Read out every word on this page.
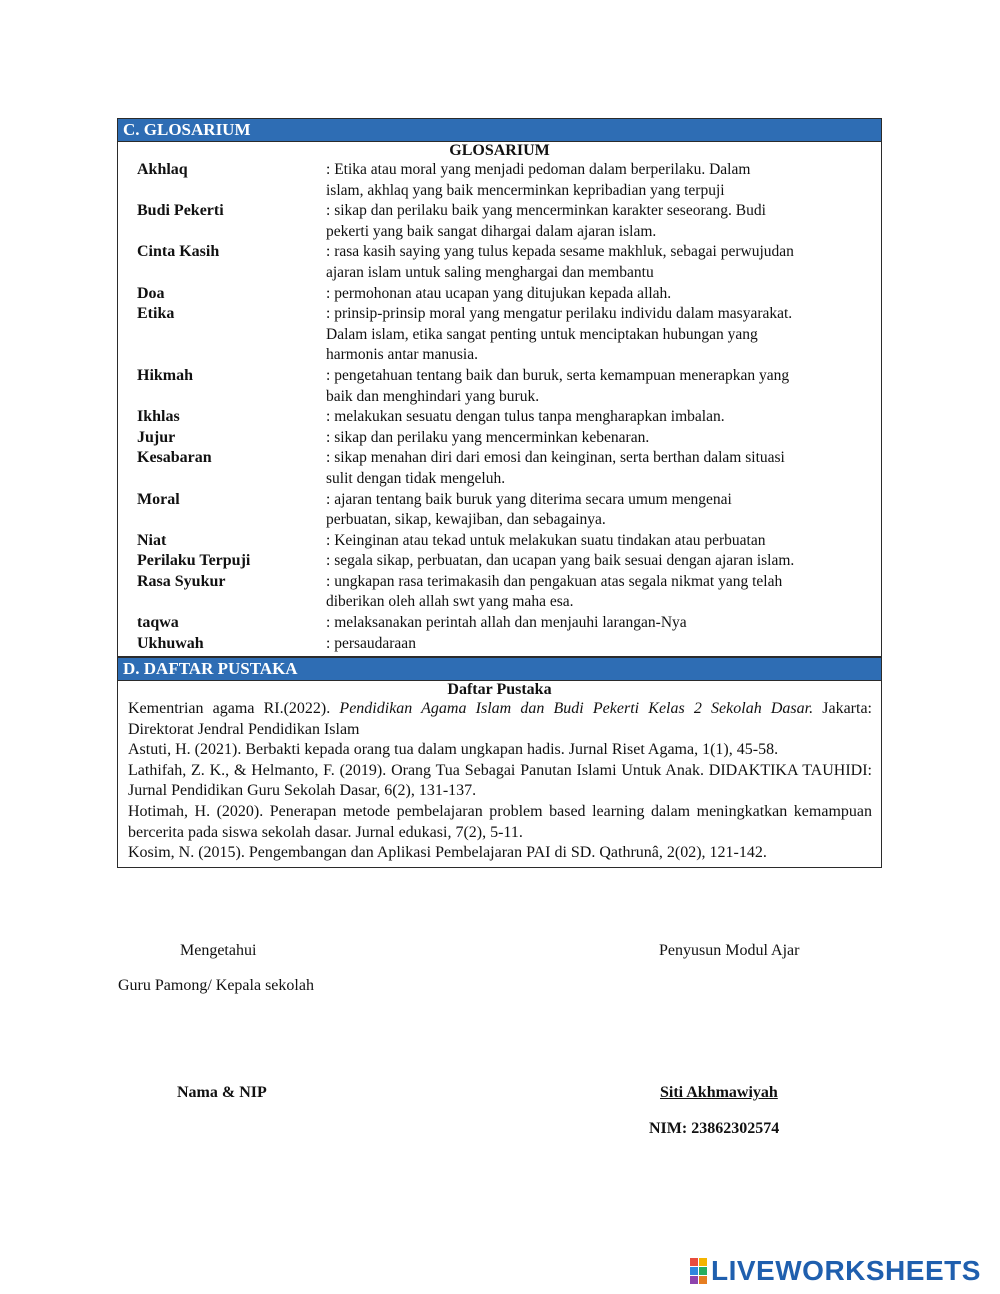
C. GLOSARIUM
GLOSARIUM
Akhlaq	: Etika atau moral yang menjadi pedoman dalam berperilaku. Dalam
islam, akhlaq yang baik mencerminkan kepribadian yang terpuji
Budi Pekerti	: sikap dan perilaku baik yang mencerminkan karakter seseorang. Budi
pekerti yang baik sangat dihargai dalam ajaran islam.
Cinta Kasih	: rasa kasih saying yang tulus kepada sesame makhluk, sebagai perwujudan
ajaran islam untuk saling menghargai dan membantu
Doa	: permohonan atau ucapan yang ditujukan kepada allah.
Etika	: prinsip-prinsip moral yang mengatur perilaku individu dalam masyarakat.
Dalam islam, etika sangat penting untuk menciptakan hubungan yang
harmonis antar manusia.
Hikmah	: pengetahuan tentang baik dan buruk, serta kemampuan menerapkan yang
baik dan menghindari yang buruk.
Ikhlas	: melakukan sesuatu dengan tulus tanpa mengharapkan imbalan.
Jujur	: sikap dan perilaku yang mencerminkan kebenaran.
Kesabaran	: sikap menahan diri dari emosi dan keinginan, serta berthan dalam situasi
sulit dengan tidak mengeluh.
Moral	: ajaran tentang baik buruk yang diterima secara umum mengenai
perbuatan, sikap, kewajiban, dan sebagainya.
Niat	: Keinginan atau tekad untuk melakukan suatu tindakan atau perbuatan
Perilaku Terpuji	: segala sikap, perbuatan, dan ucapan yang baik sesuai dengan ajaran islam.
Rasa Syukur	: ungkapan rasa terimakasih dan pengakuan atas segala nikmat yang telah
diberikan oleh allah swt yang maha esa.
taqwa	: melaksanakan perintah allah dan menjauhi larangan-Nya
Ukhuwah	: persaudaraan
D. DAFTAR PUSTAKA
Daftar Pustaka

Kementrian agama RI.(2022). Pendidikan Agama Islam dan Budi Pekerti Kelas 2 Sekolah Dasar. Jakarta: Direktorat Jendral Pendidikan Islam

Astuti, H. (2021). Berbakti kepada orang tua dalam ungkapan hadis. Jurnal Riset Agama, 1(1), 45-58.

Lathifah, Z. K., & Helmanto, F. (2019). Orang Tua Sebagai Panutan Islami Untuk Anak. DIDAKTIKA TAUHIDI: Jurnal Pendidikan Guru Sekolah Dasar, 6(2), 131-137.

Hotimah, H. (2020). Penerapan metode pembelajaran problem based learning dalam meningkatkan kemampuan bercerita pada siswa sekolah dasar. Jurnal edukasi, 7(2), 5-11.

Kosim, N. (2015). Pengembangan dan Aplikasi Pembelajaran PAI di SD. Qathrunâ, 2(02), 121-142.

Mengetahui	Penyusun Modul Ajar
Guru Pamong/ Kepala sekolah
Nama & NIP	Siti Akhmawiyah
NIM: 23862302574
LIVEWORKSHEETS
